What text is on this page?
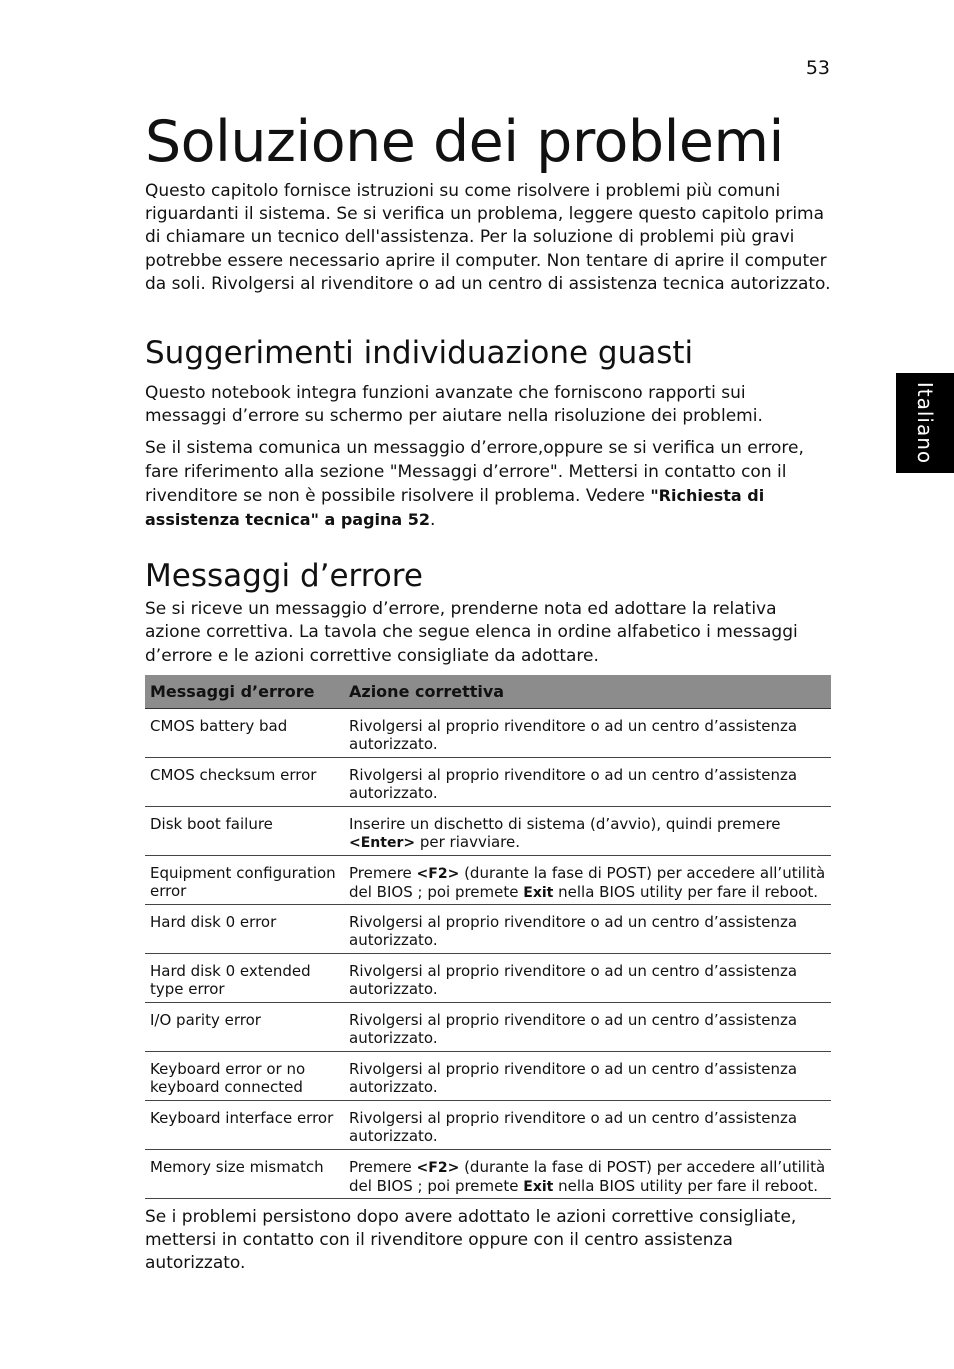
53
Italiano
Soluzione dei problemi

Questo capitolo fornisce istruzioni su come risolvere i problemi più comuni riguardanti il sistema. Se si verifica un problema, leggere questo capitolo prima di chiamare un tecnico dell'assistenza. Per la soluzione di problemi più gravi potrebbe essere necessario aprire il computer. Non tentare di aprire il computer da soli. Rivolgersi al rivenditore o ad un centro di assistenza tecnica autorizzato.

Suggerimenti individuazione guasti

Questo notebook integra funzioni avanzate che forniscono rapporti sui messaggi d’errore su schermo per aiutare nella risoluzione dei problemi.

Se il sistema comunica un messaggio d’errore,oppure se si verifica un errore, fare riferimento alla sezione "Messaggi d’errore". Mettersi in contatto con il rivenditore se non è possibile risolvere il problema. Vedere "Richiesta di assistenza tecnica" a pagina 52.

Messaggi d’errore

Se si riceve un messaggio d’errore, prenderne nota ed adottare la relativa azione correttiva. La tavola che segue elenca in ordine alfabetico i messaggi d’errore e le azioni correttive consigliate da adottare.

Messaggi d’errore	Azione correttiva
CMOS battery bad	Rivolgersi al proprio rivenditore o ad un centro d’assistenza autorizzato.
CMOS checksum error	Rivolgersi al proprio rivenditore o ad un centro d’assistenza autorizzato.
Disk boot failure	Inserire un dischetto di sistema (d’avvio), quindi premere <Enter> per riavviare.
Equipment configuration error	Premere <F2> (durante la fase di POST) per accedere all’utilità del BIOS ; poi premete Exit nella BIOS utility per fare il reboot.
Hard disk 0 error	Rivolgersi al proprio rivenditore o ad un centro d’assistenza autorizzato.
Hard disk 0 extended type error	Rivolgersi al proprio rivenditore o ad un centro d’assistenza autorizzato.
I/O parity error	Rivolgersi al proprio rivenditore o ad un centro d’assistenza autorizzato.
Keyboard error or no keyboard connected	Rivolgersi al proprio rivenditore o ad un centro d’assistenza autorizzato.
Keyboard interface error	Rivolgersi al proprio rivenditore o ad un centro d’assistenza autorizzato.
Memory size mismatch	Premere <F2> (durante la fase di POST) per accedere all’utilità del BIOS ; poi premete Exit nella BIOS utility per fare il reboot.

Se i problemi persistono dopo avere adottato le azioni correttive consigliate, mettersi in contatto con il rivenditore oppure con il centro assistenza autorizzato.
